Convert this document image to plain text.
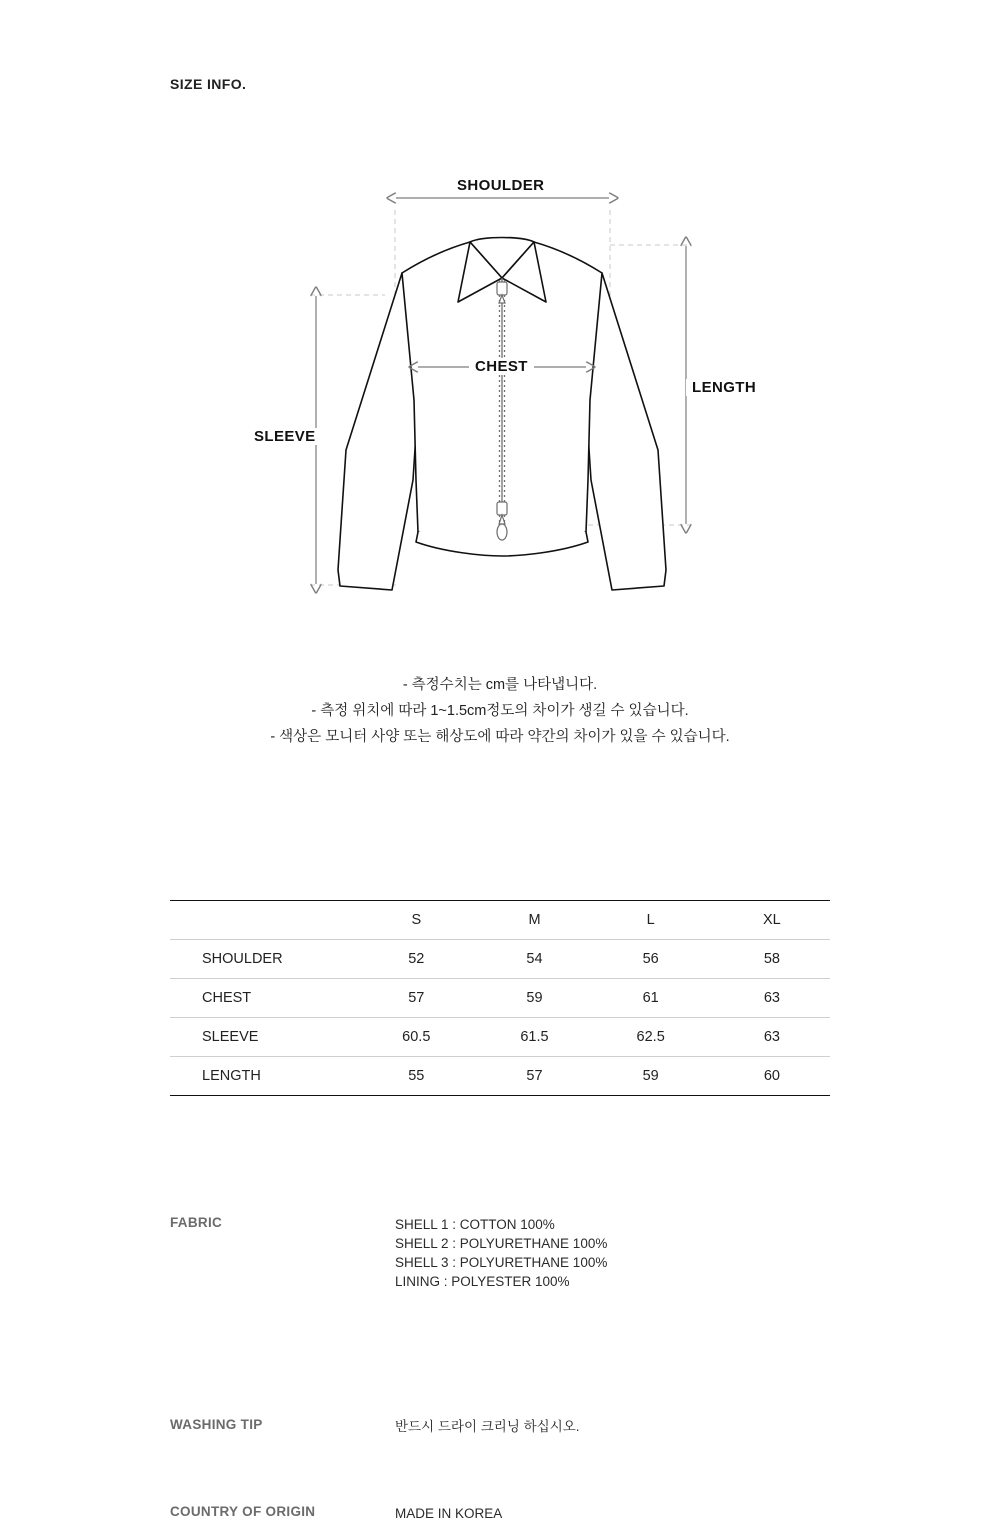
SIZE INFO.
SHOULDER
CHEST
LENGTH
SLEEVE
- 측정수치는 cm를 나타냅니다.
- 측정 위치에 따라 1~1.5cm정도의 차이가 생길 수 있습니다.
- 색상은 모니터 사양 또는 해상도에 따라 약간의 차이가 있을 수 있습니다.
	S	M	L	XL
SHOULDER	52	54	56	58
CHEST	57	59	61	63
SLEEVE	60.5	61.5	62.5	63
LENGTH	55	57	59	60
FABRIC	SHELL 1 : COTTON 100%
SHELL 2 : POLYURETHANE 100%
SHELL 3 : POLYURETHANE 100%
LINING : POLYESTER 100%
WASHING TIP	반드시 드라이 크리닝 하십시오.
COUNTRY OF ORIGIN	MADE IN KOREA
